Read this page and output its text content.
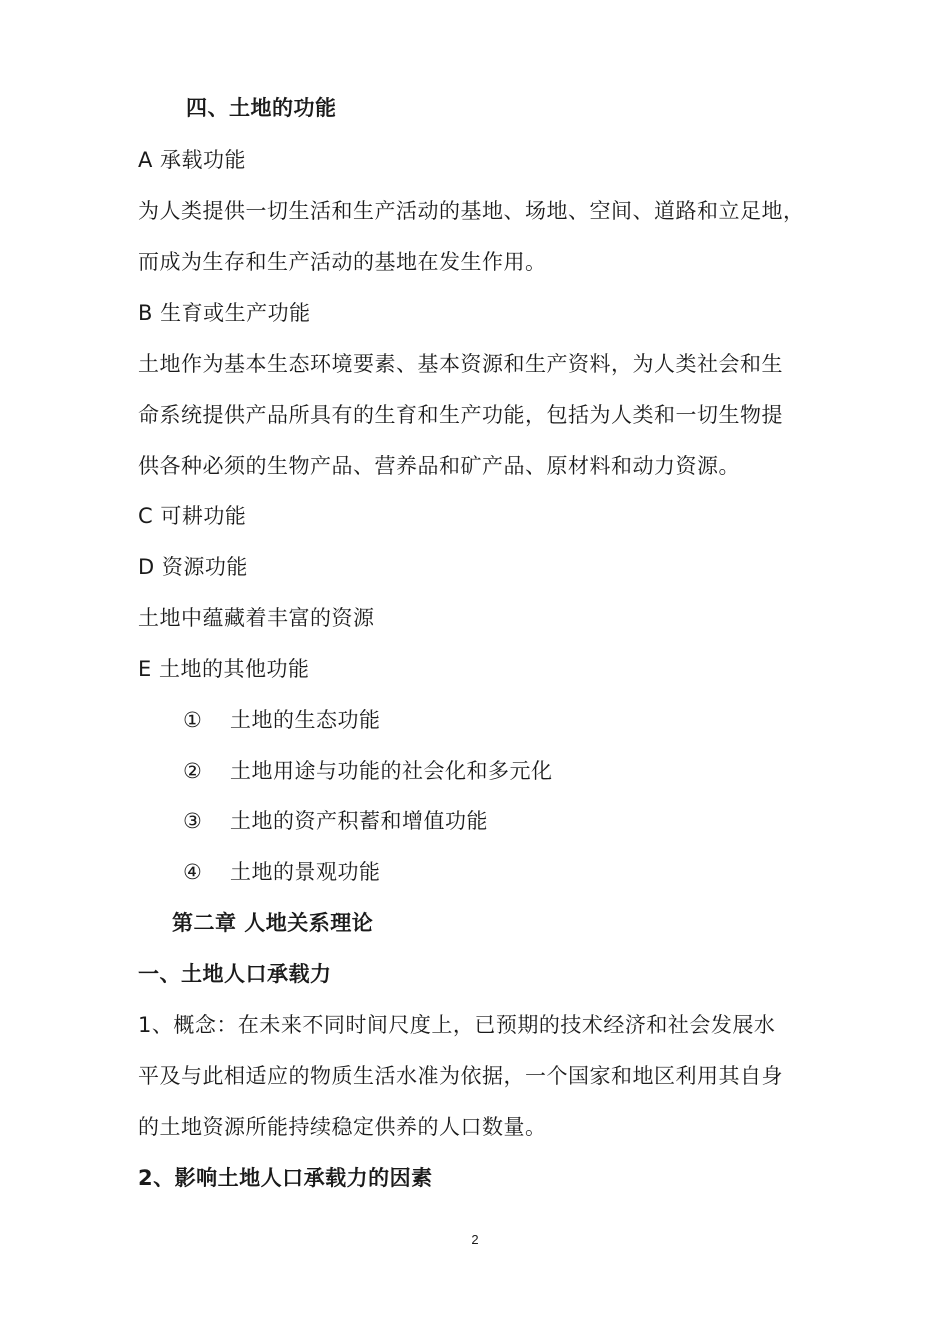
四、土地的功能
A 承载功能
为人类提供一切生活和生产活动的基地、场地、空间、道路和立足地，
而成为生存和生产活动的基地在发生作用。
B 生育或生产功能
土地作为基本生态环境要素、基本资源和生产资料，为人类社会和生
命系统提供产品所具有的生育和生产功能，包括为人类和一切生物提
供各种必须的生物产品、营养品和矿产品、原材料和动力资源。
C 可耕功能
D 资源功能
土地中蕴藏着丰富的资源
E 土地的其他功能
① 土地的生态功能
② 土地用途与功能的社会化和多元化
③ 土地的资产积蓄和增值功能
④ 土地的景观功能
第二章 人地关系理论
一、土地人口承载力
1、概念：在未来不同时间尺度上，已预期的技术经济和社会发展水
平及与此相适应的物质生活水准为依据，一个国家和地区利用其自身
的土地资源所能持续稳定供养的人口数量。
2、影响土地人口承载力的因素
2
